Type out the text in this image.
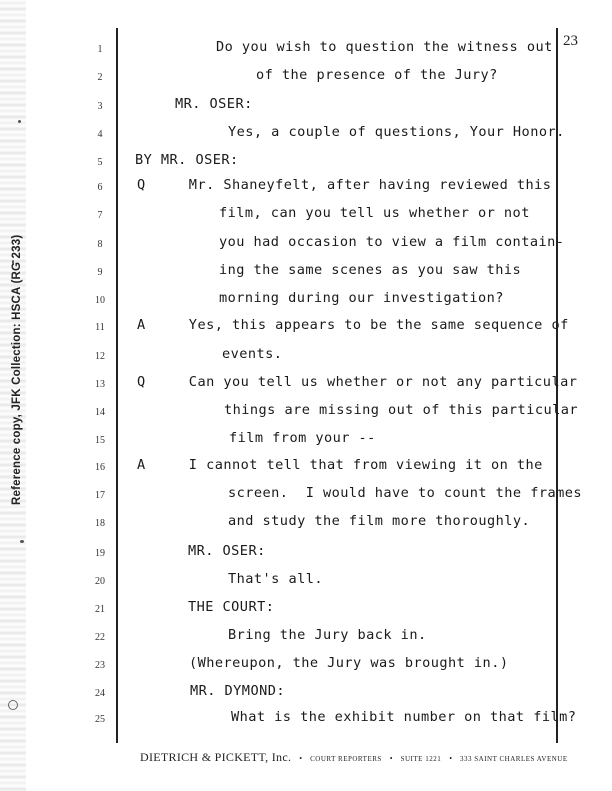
Reference copy, JFK Collection: HSCA (RG 233)
23
1	Do you wish to question the witness out
2	of the presence of the Jury?
3	MR. OSER:
4	Yes, a couple of questions, Your Honor.
5	BY MR. OSER:
6	Q     Mr. Shaneyfelt, after having reviewed this
7	film, can you tell us whether or not
8	you had occasion to view a film contain-
9	ing the same scenes as you saw this
10	morning during our investigation?
11	A     Yes, this appears to be the same sequence of
12	events.
13	Q     Can you tell us whether or not any particular
14	things are missing out of this particular
15	film from your --
16	A     I cannot tell that from viewing it on the
17	screen.  I would have to count the frames
18	and study the film more thoroughly.
19	MR. OSER:
20	That's all.
21	THE COURT:
22	Bring the Jury back in.
23	(Whereupon, the Jury was brought in.)
24	MR. DYMOND:
25	What is the exhibit number on that film?
DIETRICH & PICKETT, Inc. • COURT REPORTERS • SUITE 1221 • 333 SAINT CHARLES AVENUE
